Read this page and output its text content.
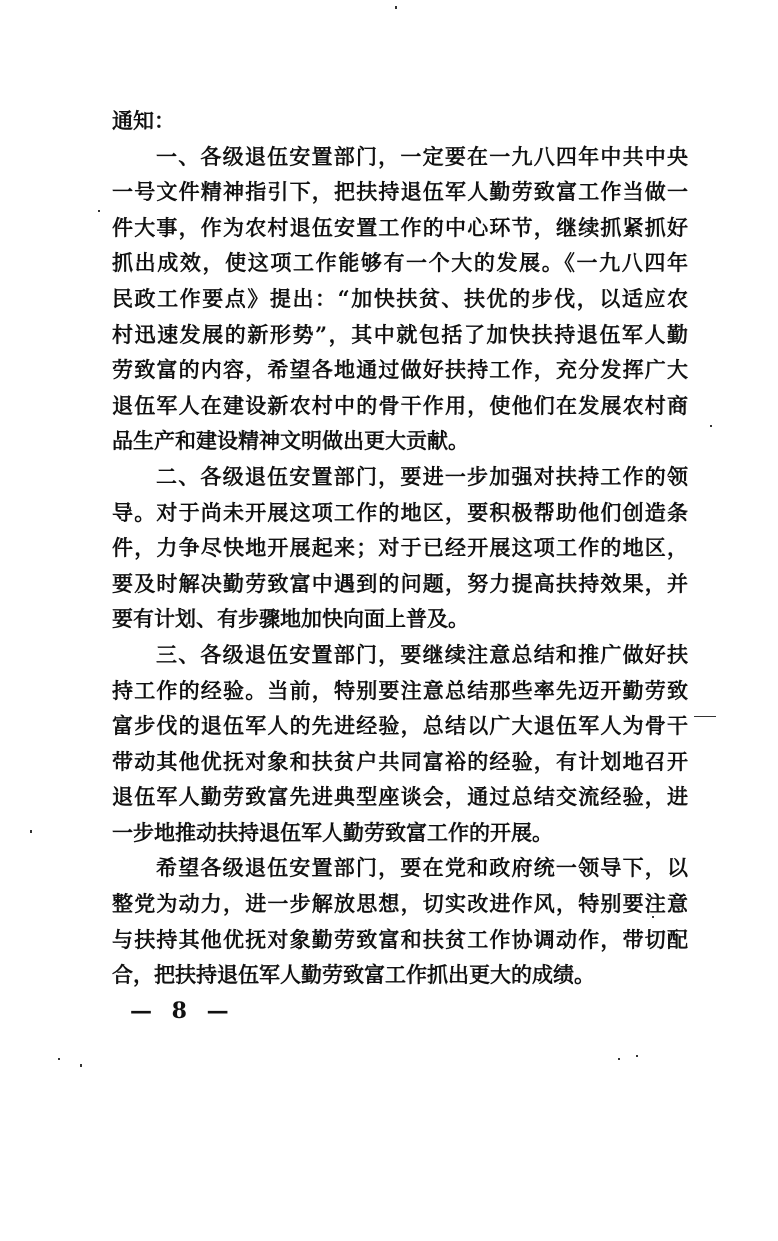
通知：
一、各级退伍安置部门，一定要在一九八四年中共中央
一号文件精神指引下，把扶持退伍军人勤劳致富工作当做一
件大事，作为农村退伍安置工作的中心环节，继续抓紧抓好
抓出成效，使这项工作能够有一个大的发展。《一九八四年
民政工作要点》提出：“加快扶贫、扶优的步伐，以适应农
村迅速发展的新形势”，其中就包括了加快扶持退伍军人勤
劳致富的内容，希望各地通过做好扶持工作，充分发挥广大
退伍军人在建设新农村中的骨干作用，使他们在发展农村商
品生产和建设精神文明做出更大贡献。
二、各级退伍安置部门，要进一步加强对扶持工作的领
导。对于尚未开展这项工作的地区，要积极帮助他们创造条
件，力争尽快地开展起来；对于已经开展这项工作的地区，
要及时解决勤劳致富中遇到的问题，努力提高扶持效果，并
要有计划、有步骤地加快向面上普及。
三、各级退伍安置部门，要继续注意总结和推广做好扶
持工作的经验。当前，特别要注意总结那些率先迈开勤劳致
富步伐的退伍军人的先进经验，总结以广大退伍军人为骨干
带动其他优抚对象和扶贫户共同富裕的经验，有计划地召开
退伍军人勤劳致富先进典型座谈会，通过总结交流经验，进
一步地推动扶持退伍军人勤劳致富工作的开展。
希望各级退伍安置部门，要在党和政府统一领导下，以
整党为动力，进一步解放思想，切实改进作风，特别要注意
与扶持其他优抚对象勤劳致富和扶贫工作协调动作，带切配
合，把扶持退伍军人勤劳致富工作抓出更大的成绩。
— 8 —
